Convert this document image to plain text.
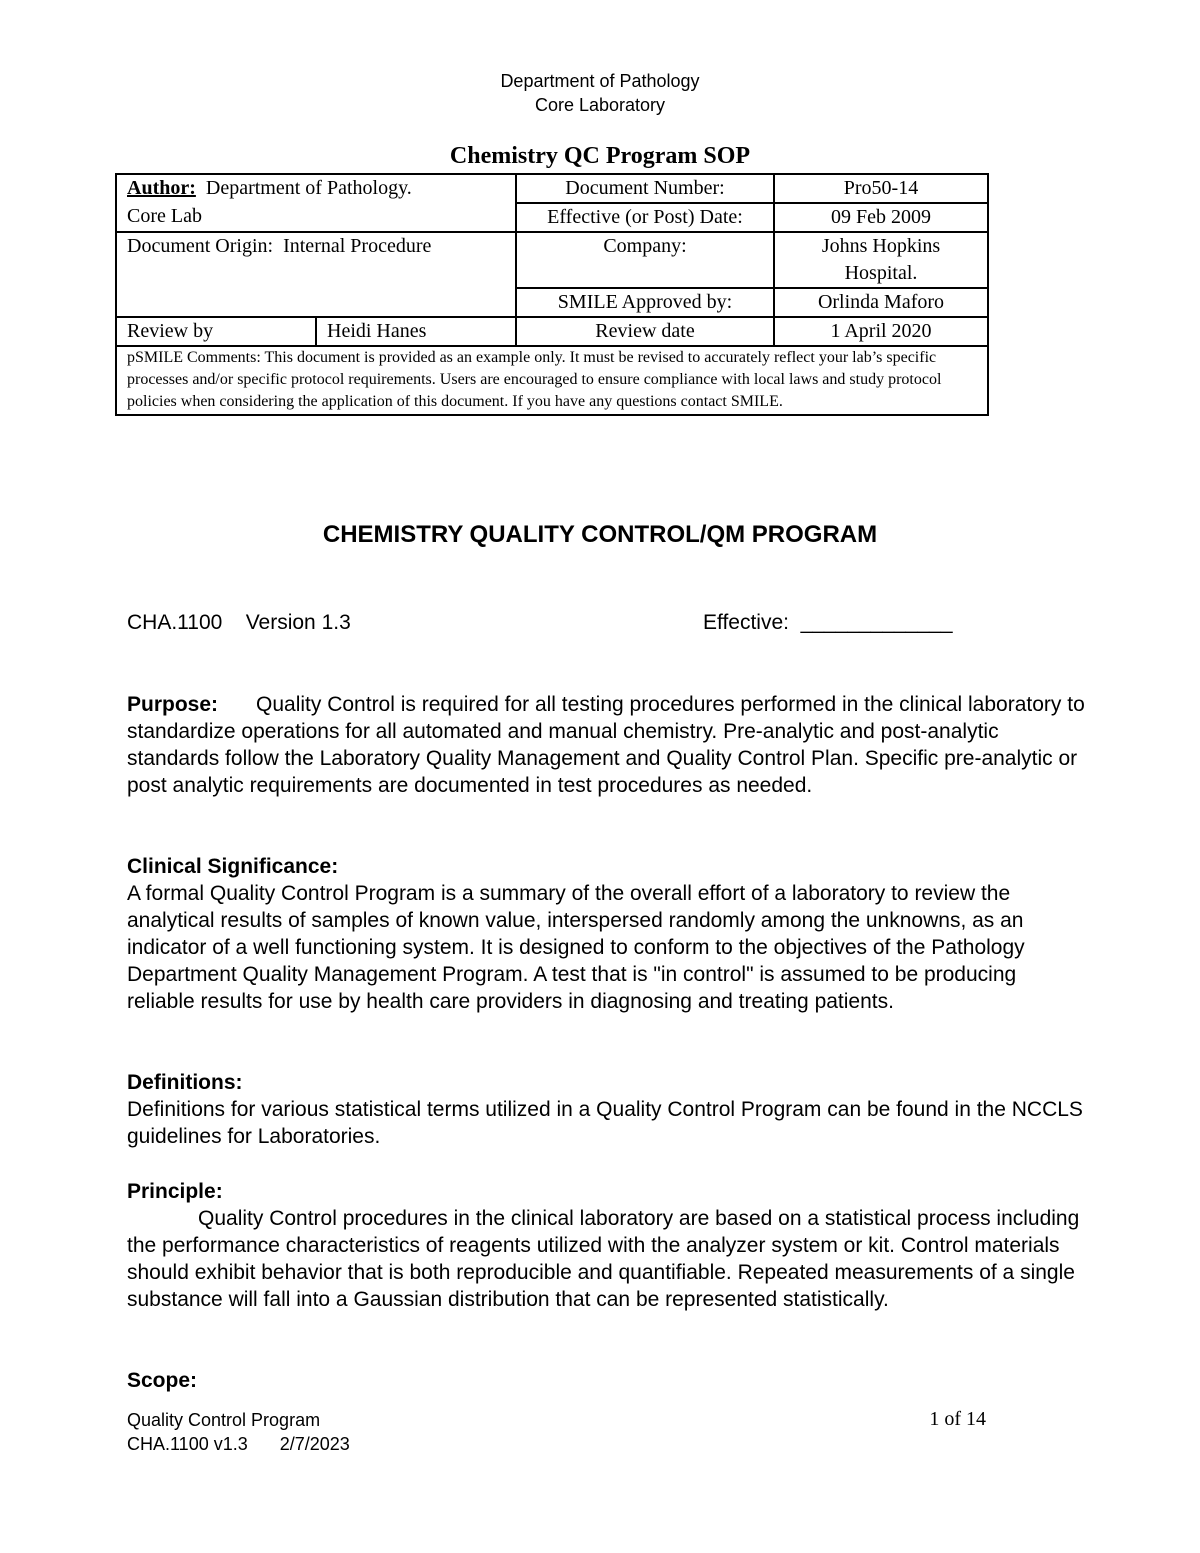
Department of Pathology
Core Laboratory
Chemistry QC Program SOP
Author: Department of Pathology.		Document Number:	Pro50-14
Core Lab		Effective (or Post) Date:	09 Feb 2009
Document Origin: Internal Procedure		Company:	Johns Hopkins Hospital.
		SMILE Approved by:	Orlinda Maforo
Review by	Heidi Hanes	Review date	1 April 2020
pSMILE Comments: This document is provided as an example only. It must be revised to accurately reflect your lab’s specific processes and/or specific protocol requirements. Users are encouraged to ensure compliance with local laws and study protocol policies when considering the application of this document. If you have any questions contact SMILE.			
CHEMISTRY QUALITY CONTROL/QM PROGRAM
CHA.1100 Version 1.3	Effective: _____________
Purpose: Quality Control is required for all testing procedures performed in the clinical laboratory to standardize operations for all automated and manual chemistry. Pre-analytic and post-analytic standards follow the Laboratory Quality Management and Quality Control Plan. Specific pre-analytic or post analytic requirements are documented in test procedures as needed.
Clinical Significance:
A formal Quality Control Program is a summary of the overall effort of a laboratory to review the analytical results of samples of known value, interspersed randomly among the unknowns, as an indicator of a well functioning system. It is designed to conform to the objectives of the Pathology Department Quality Management Program. A test that is "in control" is assumed to be producing reliable results for use by health care providers in diagnosing and treating patients.
Definitions:
Definitions for various statistical terms utilized in a Quality Control Program can be found in the NCCLS guidelines for Laboratories.
Principle:
Quality Control procedures in the clinical laboratory are based on a statistical process including the performance characteristics of reagents utilized with the analyzer system or kit. Control materials should exhibit behavior that is both reproducible and quantifiable. Repeated measurements of a single substance will fall into a Gaussian distribution that can be represented statistically.
Scope:
Quality Control Program	1 of 14
CHA.1100 v1.3 2/7/2023
